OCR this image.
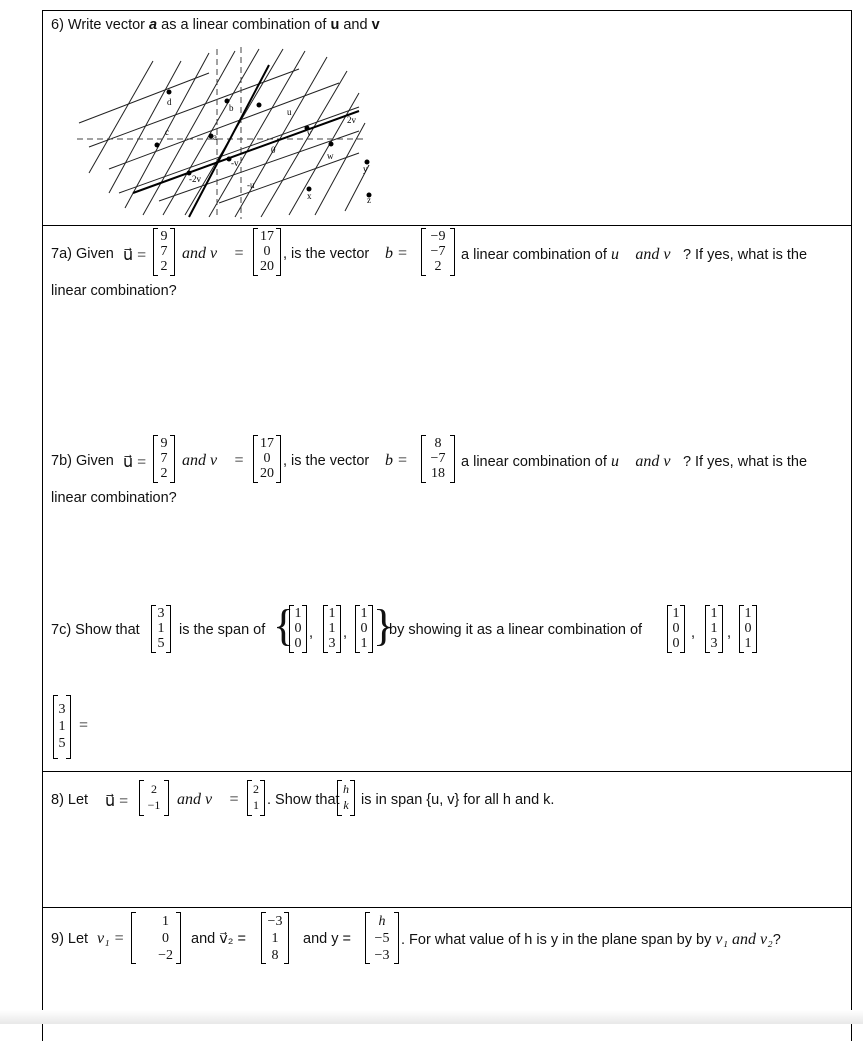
6) Write vector a as a linear combination of u and v
d
b	u
2v
c	a	v
0
w
-v
-2v
-u
y
x	z
7a) Given u⃗ =
9
7
2
and v⃗ =
17
0
20
, is the vector b =
−9
−7
2
a linear combination of u⃗ and v⃗? If yes, what is the
linear combination?
7b) Given u⃗ =
9
7
2
and v⃗ =
17
0
20
, is the vector b =
8
−7
18
a linear combination of u⃗ and v⃗? If yes, what is the
linear combination?
7c) Show that
3
1
5
is the span of { 1
0
0
,
1
1
3
,
1
0
1 }
by showing it as a linear combination of
1
0
0
,
1
1
3
,
1
0
1
3
1
5
=
8) Let u⃗ =
2
−1	and v⃗ =
2
1 . Show that
h
k is in span {u, v} for all h and k.
9) Let v₁ =
1
0
−2
and v⃗₂ =
−3
1
8
and y =
h
−5
−3
. For what value of h is y in the plane span by by v₁ and v₂?
